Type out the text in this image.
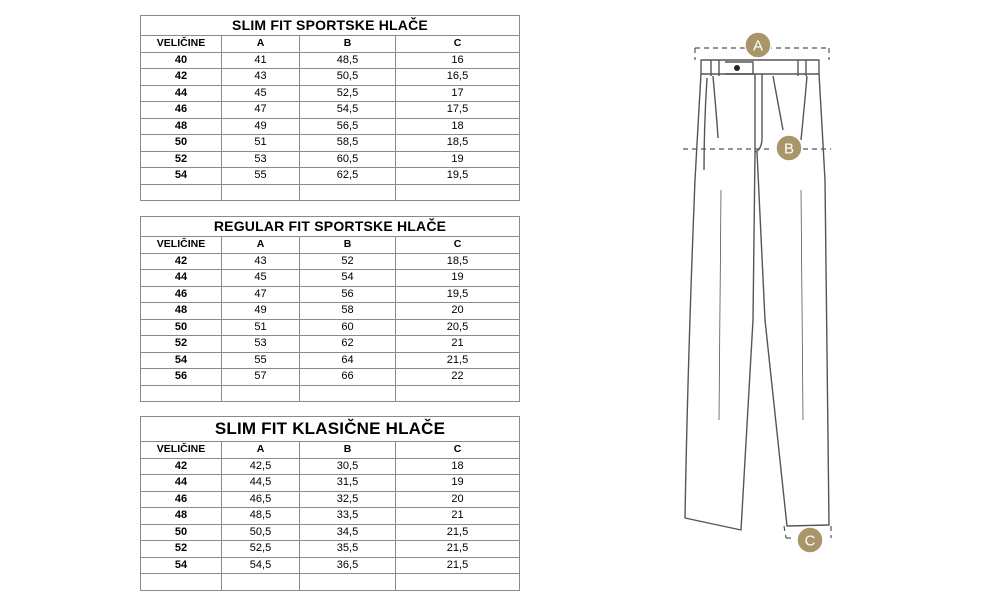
SLIM FIT SPORTSKE HLAČE			
VELIČINE	A	B	C
40	41	48,5	16
42	43	50,5	16,5
44	45	52,5	17
46	47	54,5	17,5
48	49	56,5	18
50	51	58,5	18,5
52	53	60,5	19
54	55	62,5	19,5

REGULAR FIT SPORTSKE HLAČE			
VELIČINE	A	B	C
42	43	52	18,5
44	45	54	19
46	47	56	19,5
48	49	58	20
50	51	60	20,5
52	53	62	21
54	55	64	21,5
56	57	66	22

SLIM FIT KLASIČNE HLAČE			
VELIČINE	A	B	C
42	42,5	30,5	18
44	44,5	31,5	19
46	46,5	32,5	20
48	48,5	33,5	21
50	50,5	34,5	21,5
52	52,5	35,5	21,5
54	54,5	36,5	21,5

A
B
C
